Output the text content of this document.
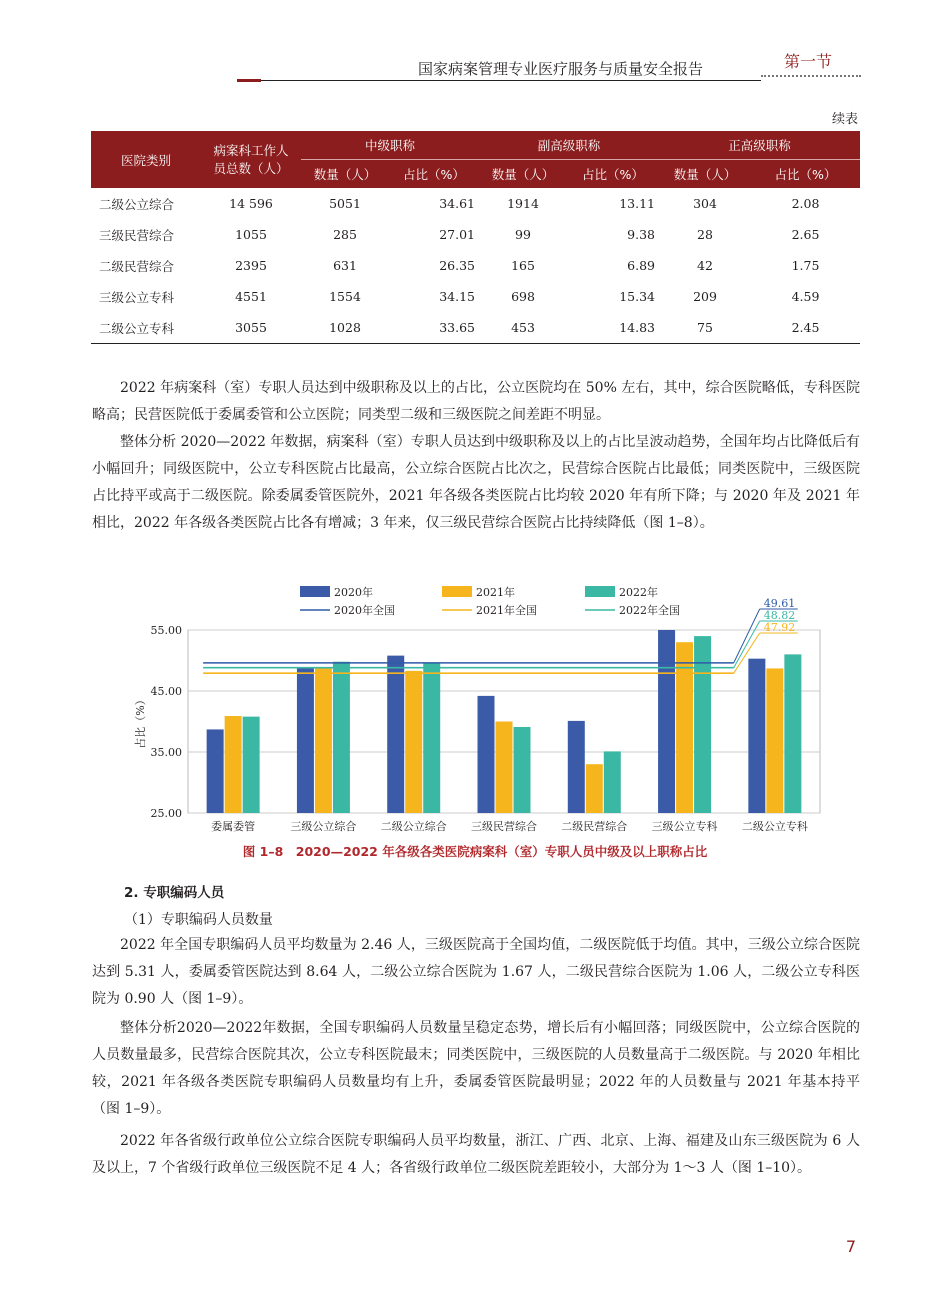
国家病案管理专业医疗服务与质量安全报告	第一节
续表
医院类别	病案科工作人员总数（人）	中级职称		副高级职称		正高级职称	
		数量（人）	占比（%）	数量（人）	占比（%）	数量（人）	占比（%）
二级公立综合	14 596	5051	34.61	1914	13.11	304	2.08
三级民营综合	1055	285	27.01	99	9.38	28	2.65
二级民营综合	2395	631	26.35	165	6.89	42	1.75
三级公立专科	4551	1554	34.15	698	15.34	209	4.59
二级公立专科	3055	1028	33.65	453	14.83	75	2.45

2022 年病案科（室）专职人员达到中级职称及以上的占比，公立医院均在 50% 左右，其中，综合医院略低，专科医院略高；民营医院低于委属委管和公立医院；同类型二级和三级医院之间差距不明显。

整体分析 2020—2022 年数据，病案科（室）专职人员达到中级职称及以上的占比呈波动趋势，全国年均占比降低后有小幅回升；同级医院中，公立专科医院占比最高，公立综合医院占比次之，民营综合医院占比最低；同类医院中，三级医院占比持平或高于二级医院。除委属委管医院外，2021 年各级各类医院占比均较 2020 年有所下降；与 2020 年及 2021 年相比，2022 年各级各类医院占比各有增减；3 年来，仅三级民营综合医院占比持续降低（图 1–8）。

25.00
35.00
45.00
55.00
占比（%）
委属委管	三级公立综合 二级公立综合 三级民营综合 二级民营综合 三级公立专科 二级公立专科
49.61
47.92
48.82
2020年	2021年	2022年
2020年全国	2021年全国	2022年全国
图 1–8　2020—2022 年各级各类医院病案科（室）专职人员中级及以上职称占比
2. 专职编码人员
（1）专职编码人员数量

2022 年全国专职编码人员平均数量为 2.46 人，三级医院高于全国均值，二级医院低于均值。其中，三级公立综合医院达到 5.31 人，委属委管医院达到 8.64 人，二级公立综合医院为 1.67 人，二级民营综合医院为 1.06 人，二级公立专科医院为 0.90 人（图 1–9）。

整体分析2020—2022年数据，全国专职编码人员数量呈稳定态势，增长后有小幅回落；同级医院中，公立综合医院的人员数量最多，民营综合医院其次，公立专科医院最末；同类医院中，三级医院的人员数量高于二级医院。与 2020 年相比较，2021 年各级各类医院专职编码人员数量均有上升，委属委管医院最明显；2022 年的人员数量与 2021 年基本持平（图 1–9）。

2022 年各省级行政单位公立综合医院专职编码人员平均数量，浙江、广西、北京、上海、福建及山东三级医院为 6 人及以上，7 个省级行政单位三级医院不足 4 人；各省级行政单位二级医院差距较小，大部分为 1～3 人（图 1–10）。

7
